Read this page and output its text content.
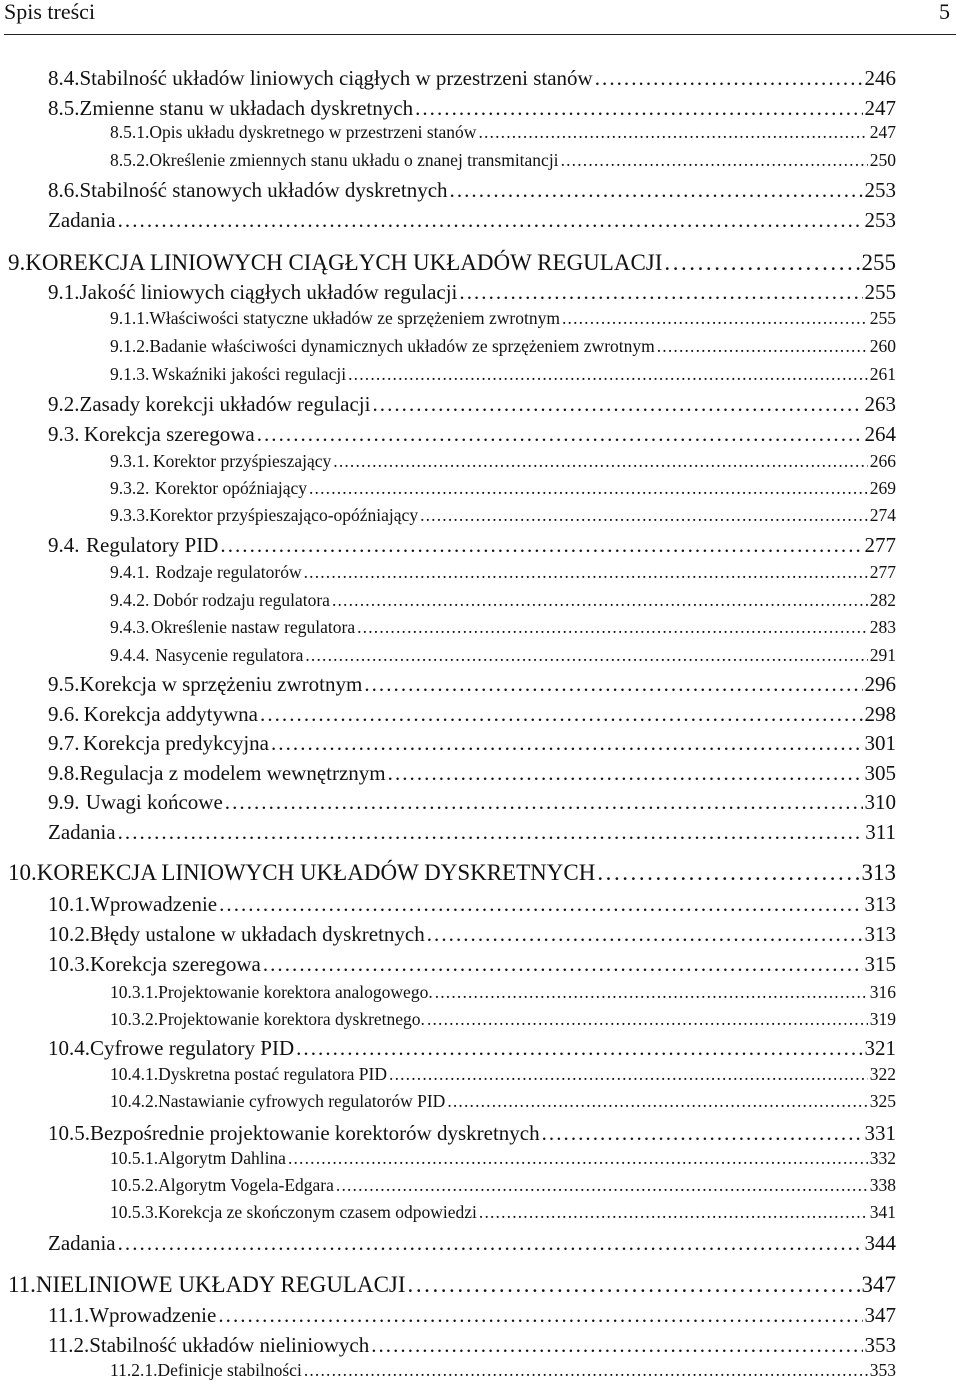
Spis treści	5
8.4. Stabilność układów liniowych ciągłych w przestrzeni stanów . . .	246
8.5. Zmienne stanu w układach dyskretnych . . .	247
8.5.1. Opis układu dyskretnego w przestrzeni stanów . . .	247
8.5.2. Określenie zmiennych stanu układu o znanej transmitancji . . .	250
8.6. Stabilność stanowych układów dyskretnych . . .	253
Zadania . . .	253
9. KOREKCJA LINIOWYCH CIĄGŁYCH UKŁADÓW REGULACJI . . .	255
9.1. Jakość liniowych ciągłych układów regulacji . . .	255
9.1.1. Właściwości statyczne układów ze sprzężeniem zwrotnym . . .	255
9.1.2. Badanie właściwości dynamicznych układów ze sprzężeniem zwrotnym . . .	260
9.1.3. Wskaźniki jakości regulacji . . .	261
9.2. Zasady korekcji układów regulacji . . .	263
9.3. Korekcja szeregowa . . .	264
9.3.1. Korektor przyśpieszający . . .	266
9.3.2. Korektor opóźniający . . .	269
9.3.3. Korektor przyśpieszająco-opóźniający . . .	274
9.4. Regulatory PID . . .	277
9.4.1. Rodzaje regulatorów . . .	277
9.4.2. Dobór rodzaju regulatora . . .	282
9.4.3. Określenie nastaw regulatora . . .	283
9.4.4. Nasycenie regulatora . . .	291
9.5. Korekcja w sprzężeniu zwrotnym . . .	296
9.6. Korekcja addytywna . . .	298
9.7. Korekcja predykcyjna . . .	301
9.8. Regulacja z modelem wewnętrznym . . .	305
9.9. Uwagi końcowe . . .	310
Zadania . . .	311
10. KOREKCJA LINIOWYCH UKŁADÓW DYSKRETNYCH . . .	313
10.1. Wprowadzenie . . .	313
10.2. Błędy ustalone w układach dyskretnych . . .	313
10.3. Korekcja szeregowa . . .	315
10.3.1. Projektowanie korektora analogowego. . . .	316
10.3.2. Projektowanie korektora dyskretnego. . . .	319
10.4. Cyfrowe regulatory PID . . .	321
10.4.1. Dyskretna postać regulatora PID . . .	322
10.4.2. Nastawianie cyfrowych regulatorów PID . . .	325
10.5. Bezpośrednie projektowanie korektorów dyskretnych . . .	331
10.5.1. Algorytm Dahlina . . .	332
10.5.2. Algorytm Vogela-Edgara . . .	338
10.5.3. Korekcja ze skończonym czasem odpowiedzi . . .	341
Zadania . . .	344
11. NIELINIOWE UKŁADY REGULACJI . . .	347
11.1. Wprowadzenie . . .	347
11.2. Stabilność układów nieliniowych . . .	353
11.2.1. Definicje stabilności . . .	353
